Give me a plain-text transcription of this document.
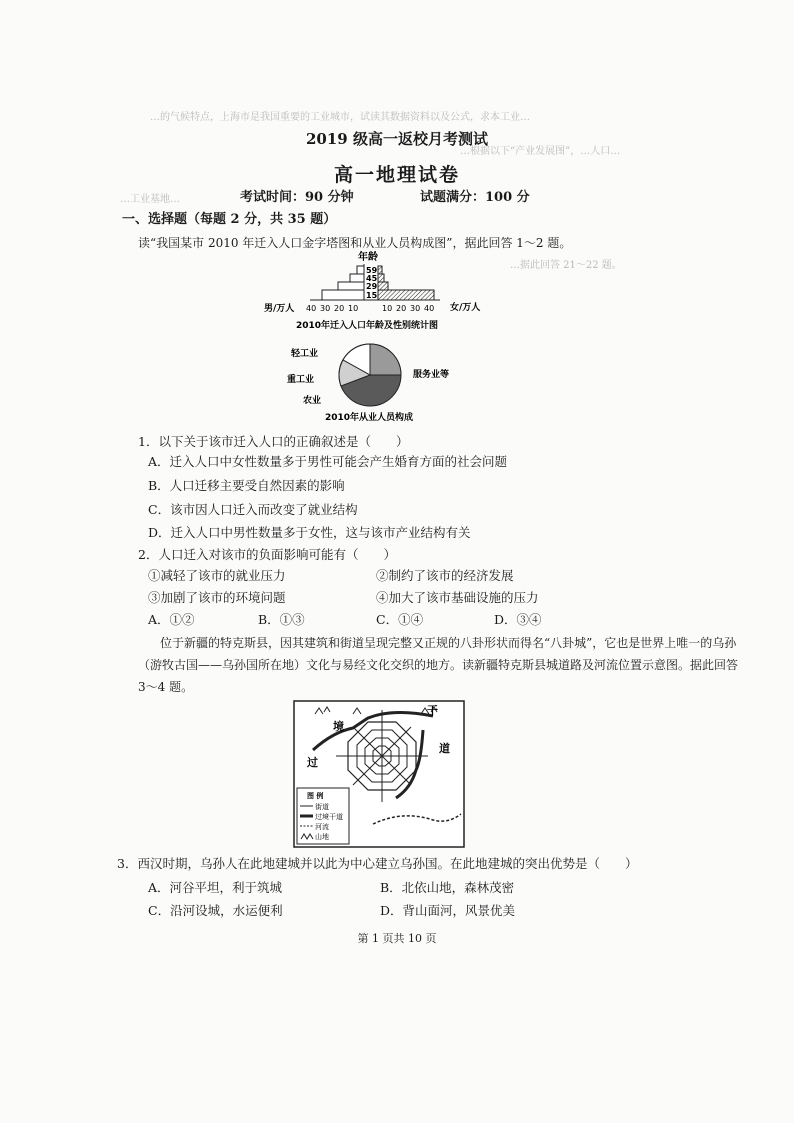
…的气候特点，上海市是我国重要的工业城市，试读其数据资料以及公式，求本工业…
…根据以下“产业发展图”，…人口…
…工业基地…
…据此回答 21～22 题。
2019 级高一返校月考测试
高一地理试卷
考试时间：90 分钟	试题满分：100 分
一、选择题（每题 2 分，共 35 题）
读“我国某市 2010 年迁入人口金字塔图和从业人员构成图”，据此回答 1～2 题。
年龄
59
45
29
15
男/万人 40 30 20 10	10 20 30 40 女/万人
2010年迁入人口年龄及性别统计图
轻工业
重工业
农业
服务业等
2010年从业人员构成
1．以下关于该市迁入人口的正确叙述是（　　）
A．迁入人口中女性数量多于男性可能会产生婚育方面的社会问题
B．人口迁移主要受自然因素的影响
C．该市因人口迁入而改变了就业结构
D．迁入人口中男性数量多于女性，这与该市产业结构有关
2．人口迁入对该市的负面影响可能有（　　）
①减轻了该市的就业压力	②制约了该市的经济发展
③加剧了该市的环境问题	④加大了该市基础设施的压力
A．①②	B．①③	C．①④	D．③④
位于新疆的特克斯县，因其建筑和街道呈现完整又正规的八卦形状而得名“八卦城”，它也是世界上唯一的乌孙（游牧古国——乌孙国所在地）文化与易经文化交织的地方。读新疆特克斯县城道路及河流位置示意图。据此回答 3～4 题。
境
干
过
道
图 例
街道
过境干道
河流
山地
3．西汉时期，乌孙人在此地建城并以此为中心建立乌孙国。在此地建城的突出优势是（　　）
A．河谷平坦，利于筑城	B．北依山地，森林茂密
C．沿河设城，水运便利	D．背山面河，风景优美
第 1 页共 10 页
